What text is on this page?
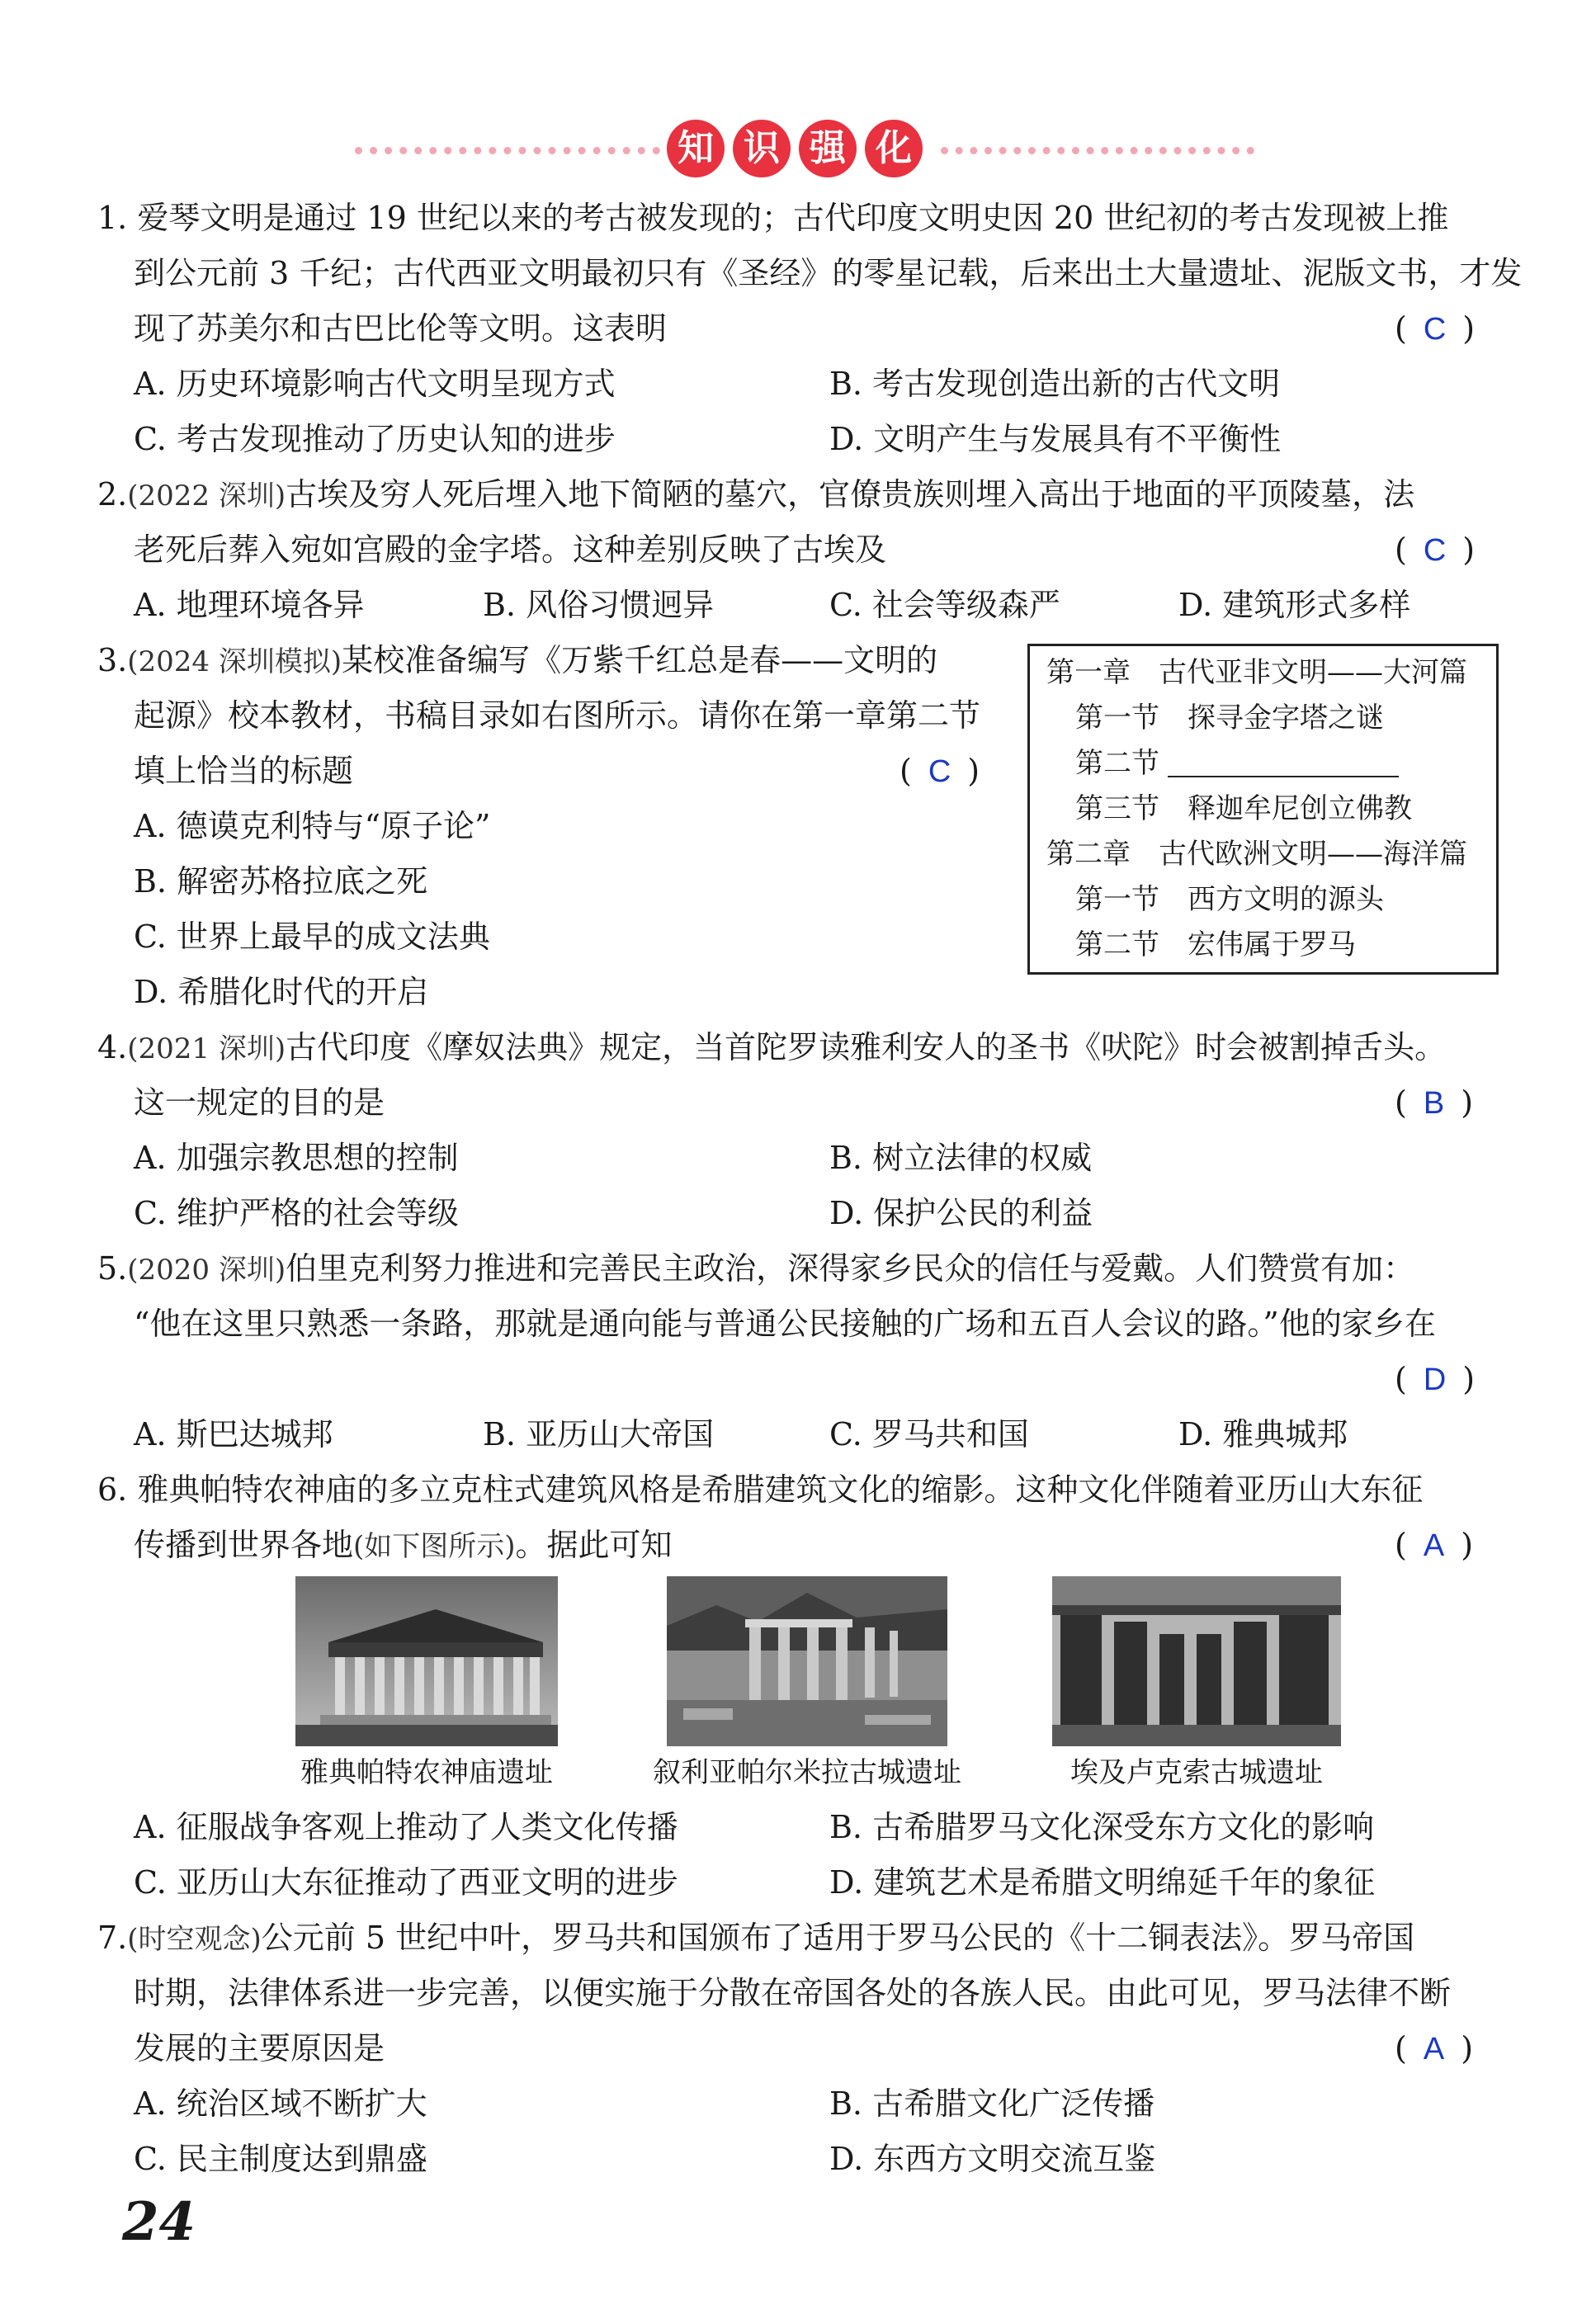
知 识 强 化
1. 爱琴文明是通过 19 世纪以来的考古被发现的；古代印度文明史因 20 世纪初的考古发现被上推
到公元前 3 千纪；古代西亚文明最初只有《圣经》的零星记载，后来出土大量遗址、泥版文书，才发
现了苏美尔和古巴比伦等文明。这表明	( C )
A. 历史环境影响古代文明呈现方式	B. 考古发现创造出新的古代文明
C. 考古发现推动了历史认知的进步	D. 文明产生与发展具有不平衡性
2.(2022 深圳)古埃及穷人死后埋入地下简陋的墓穴，官僚贵族则埋入高出于地面的平顶陵墓，法
老死后葬入宛如宫殿的金字塔。这种差别反映了古埃及	( C )
A. 地理环境各异	B. 风俗习惯迥异	C. 社会等级森严	D. 建筑形式多样
3.(2024 深圳模拟)某校准备编写《万紫千红总是春——文明的
起源》校本教材，书稿目录如右图所示。请你在第一章第二节
填上恰当的标题	( C )
A. 德谟克利特与“原子论”
B. 解密苏格拉底之死
C. 世界上最早的成文法典
D. 希腊化时代的开启
第一章　古代亚非文明——大河篇
第一节　探寻金字塔之谜
第二节
第三节　释迦牟尼创立佛教
第二章　古代欧洲文明——海洋篇
第一节　西方文明的源头
第二节　宏伟属于罗马
4.(2021 深圳)古代印度《摩奴法典》规定，当首陀罗读雅利安人的圣书《吠陀》时会被割掉舌头。
这一规定的目的是	( B )
A. 加强宗教思想的控制	B. 树立法律的权威
C. 维护严格的社会等级	D. 保护公民的利益
5.(2020 深圳)伯里克利努力推进和完善民主政治，深得家乡民众的信任与爱戴。人们赞赏有加：
“他在这里只熟悉一条路，那就是通向能与普通公民接触的广场和五百人会议的路。”他的家乡在
( D )
A. 斯巴达城邦	B. 亚历山大帝国	C. 罗马共和国	D. 雅典城邦
6. 雅典帕特农神庙的多立克柱式建筑风格是希腊建筑文化的缩影。这种文化伴随着亚历山大东征
传播到世界各地(如下图所示)。据此可知	( A )
雅典帕特农神庙遗址	叙利亚帕尔米拉古城遗址	埃及卢克索古城遗址
A. 征服战争客观上推动了人类文化传播	B. 古希腊罗马文化深受东方文化的影响
C. 亚历山大东征推动了西亚文明的进步	D. 建筑艺术是希腊文明绵延千年的象征
7.(时空观念)公元前 5 世纪中叶，罗马共和国颁布了适用于罗马公民的《十二铜表法》。罗马帝国
时期，法律体系进一步完善，以便实施于分散在帝国各处的各族人民。由此可见，罗马法律不断
发展的主要原因是	( A )
A. 统治区域不断扩大	B. 古希腊文化广泛传播
C. 民主制度达到鼎盛	D. 东西方文明交流互鉴
24
